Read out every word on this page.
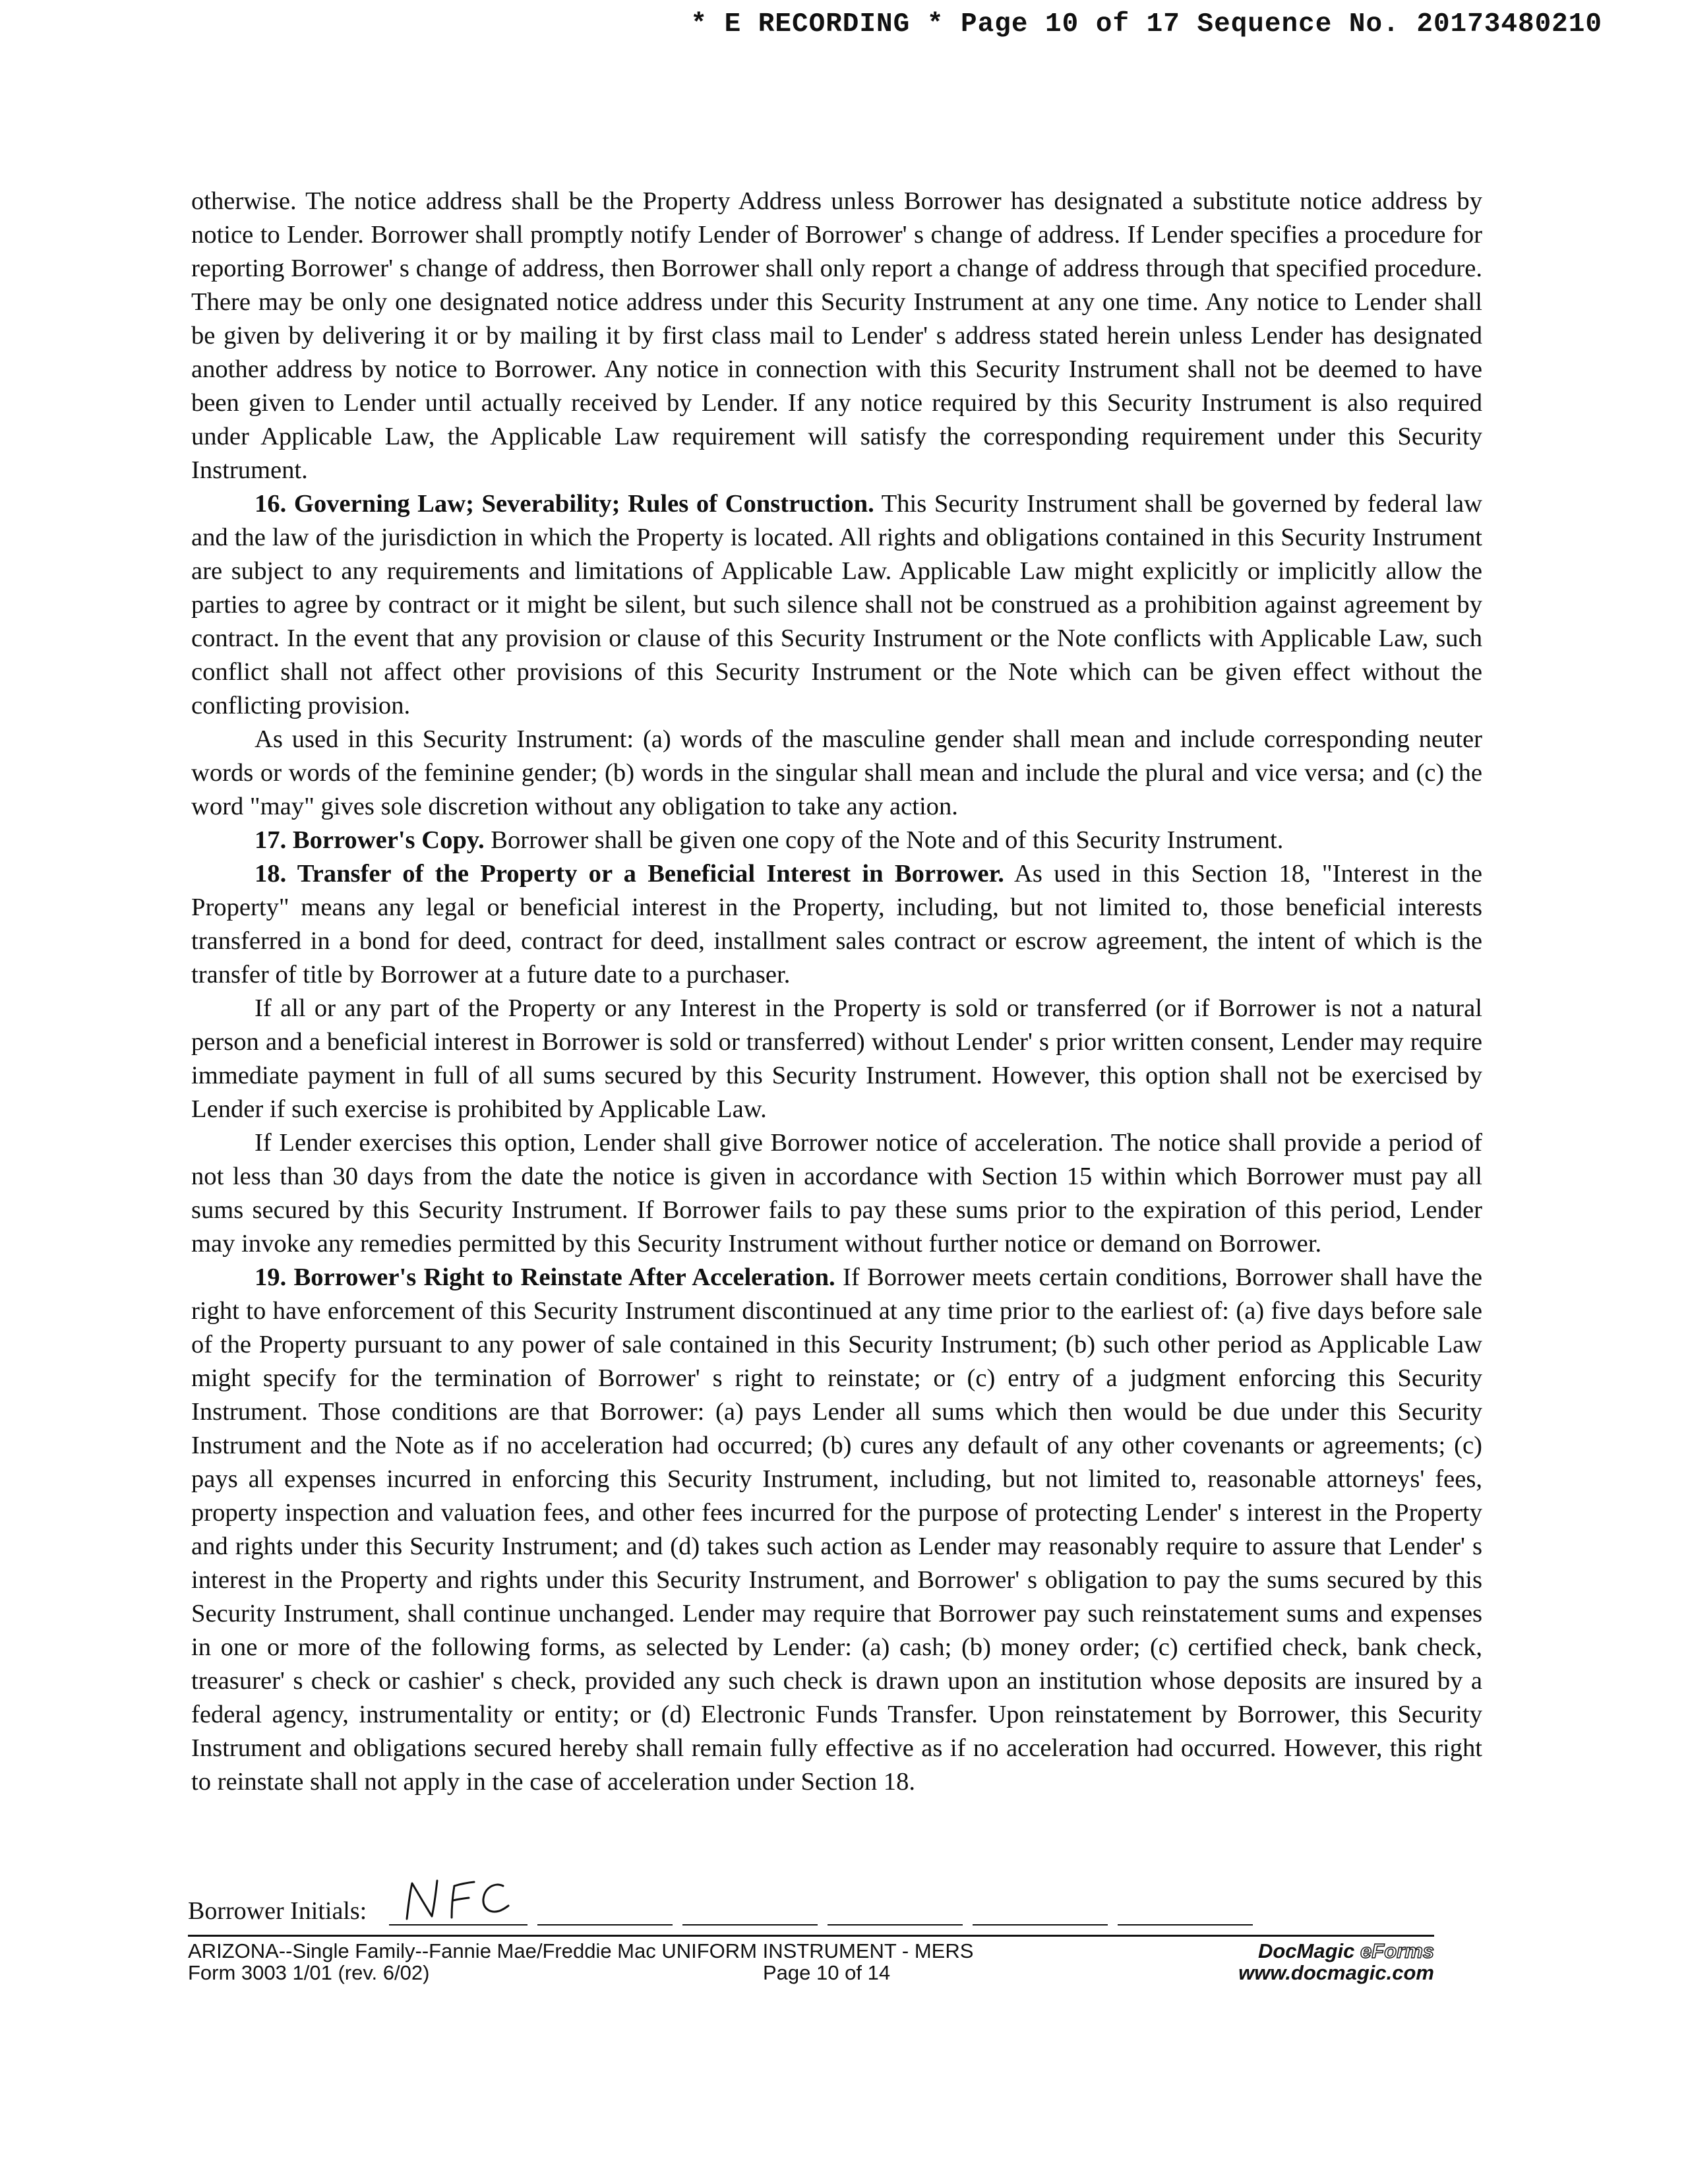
* E RECORDING * Page 10 of 17 Sequence No. 20173480210

otherwise. The notice address shall be the Property Address unless Borrower has designated a substitute notice address by notice to Lender. Borrower shall promptly notify Lender of Borrower' s change of address. If Lender specifies a procedure for reporting Borrower' s change of address, then Borrower shall only report a change of address through that specified procedure. There may be only one designated notice address under this Security Instrument at any one time. Any notice to Lender shall be given by delivering it or by mailing it by first class mail to Lender' s address stated herein unless Lender has designated another address by notice to Borrower. Any notice in connection with this Security Instrument shall not be deemed to have been given to Lender until actually received by Lender. If any notice required by this Security Instrument is also required under Applicable Law, the Applicable Law requirement will satisfy the corresponding requirement under this Security Instrument.

16. Governing Law; Severability; Rules of Construction. This Security Instrument shall be governed by federal law and the law of the jurisdiction in which the Property is located. All rights and obligations contained in this Security Instrument are subject to any requirements and limitations of Applicable Law. Applicable Law might explicitly or implicitly allow the parties to agree by contract or it might be silent, but such silence shall not be construed as a prohibition against agreement by contract. In the event that any provision or clause of this Security Instrument or the Note conflicts with Applicable Law, such conflict shall not affect other provisions of this Security Instrument or the Note which can be given effect without the conflicting provision.

As used in this Security Instrument: (a) words of the masculine gender shall mean and include corresponding neuter words or words of the feminine gender; (b) words in the singular shall mean and include the plural and vice versa; and (c) the word "may" gives sole discretion without any obligation to take any action.

17. Borrower's Copy. Borrower shall be given one copy of the Note and of this Security Instrument.

18. Transfer of the Property or a Beneficial Interest in Borrower. As used in this Section 18, "Interest in the Property" means any legal or beneficial interest in the Property, including, but not limited to, those beneficial interests transferred in a bond for deed, contract for deed, installment sales contract or escrow agreement, the intent of which is the transfer of title by Borrower at a future date to a purchaser.

If all or any part of the Property or any Interest in the Property is sold or transferred (or if Borrower is not a natural person and a beneficial interest in Borrower is sold or transferred) without Lender' s prior written consent, Lender may require immediate payment in full of all sums secured by this Security Instrument. However, this option shall not be exercised by Lender if such exercise is prohibited by Applicable Law.

If Lender exercises this option, Lender shall give Borrower notice of acceleration. The notice shall provide a period of not less than 30 days from the date the notice is given in accordance with Section 15 within which Borrower must pay all sums secured by this Security Instrument. If Borrower fails to pay these sums prior to the expiration of this period, Lender may invoke any remedies permitted by this Security Instrument without further notice or demand on Borrower.

19. Borrower's Right to Reinstate After Acceleration. If Borrower meets certain conditions, Borrower shall have the right to have enforcement of this Security Instrument discontinued at any time prior to the earliest of: (a) five days before sale of the Property pursuant to any power of sale contained in this Security Instrument; (b) such other period as Applicable Law might specify for the termination of Borrower' s right to reinstate; or (c) entry of a judgment enforcing this Security Instrument. Those conditions are that Borrower: (a) pays Lender all sums which then would be due under this Security Instrument and the Note as if no acceleration had occurred; (b) cures any default of any other covenants or agreements; (c) pays all expenses incurred in enforcing this Security Instrument, including, but not limited to, reasonable attorneys' fees, property inspection and valuation fees, and other fees incurred for the purpose of protecting Lender' s interest in the Property and rights under this Security Instrument; and (d) takes such action as Lender may reasonably require to assure that Lender' s interest in the Property and rights under this Security Instrument, and Borrower' s obligation to pay the sums secured by this Security Instrument, shall continue unchanged. Lender may require that Borrower pay such reinstatement sums and expenses in one or more of the following forms, as selected by Lender: (a) cash; (b) money order; (c) certified check, bank check, treasurer' s check or cashier' s check, provided any such check is drawn upon an institution whose deposits are insured by a federal agency, instrumentality or entity; or (d) Electronic Funds Transfer. Upon reinstatement by Borrower, this Security Instrument and obligations secured hereby shall remain fully effective as if no acceleration had occurred. However, this right to reinstate shall not apply in the case of acceleration under Section 18.

Borrower Initials:
ARIZONA--Single Family--Fannie Mae/Freddie Mac UNIFORM INSTRUMENT - MERS
Form 3003 1/01 (rev. 6/02)	Page 10 of 14
DocMagic eForms
www.docmagic.com
